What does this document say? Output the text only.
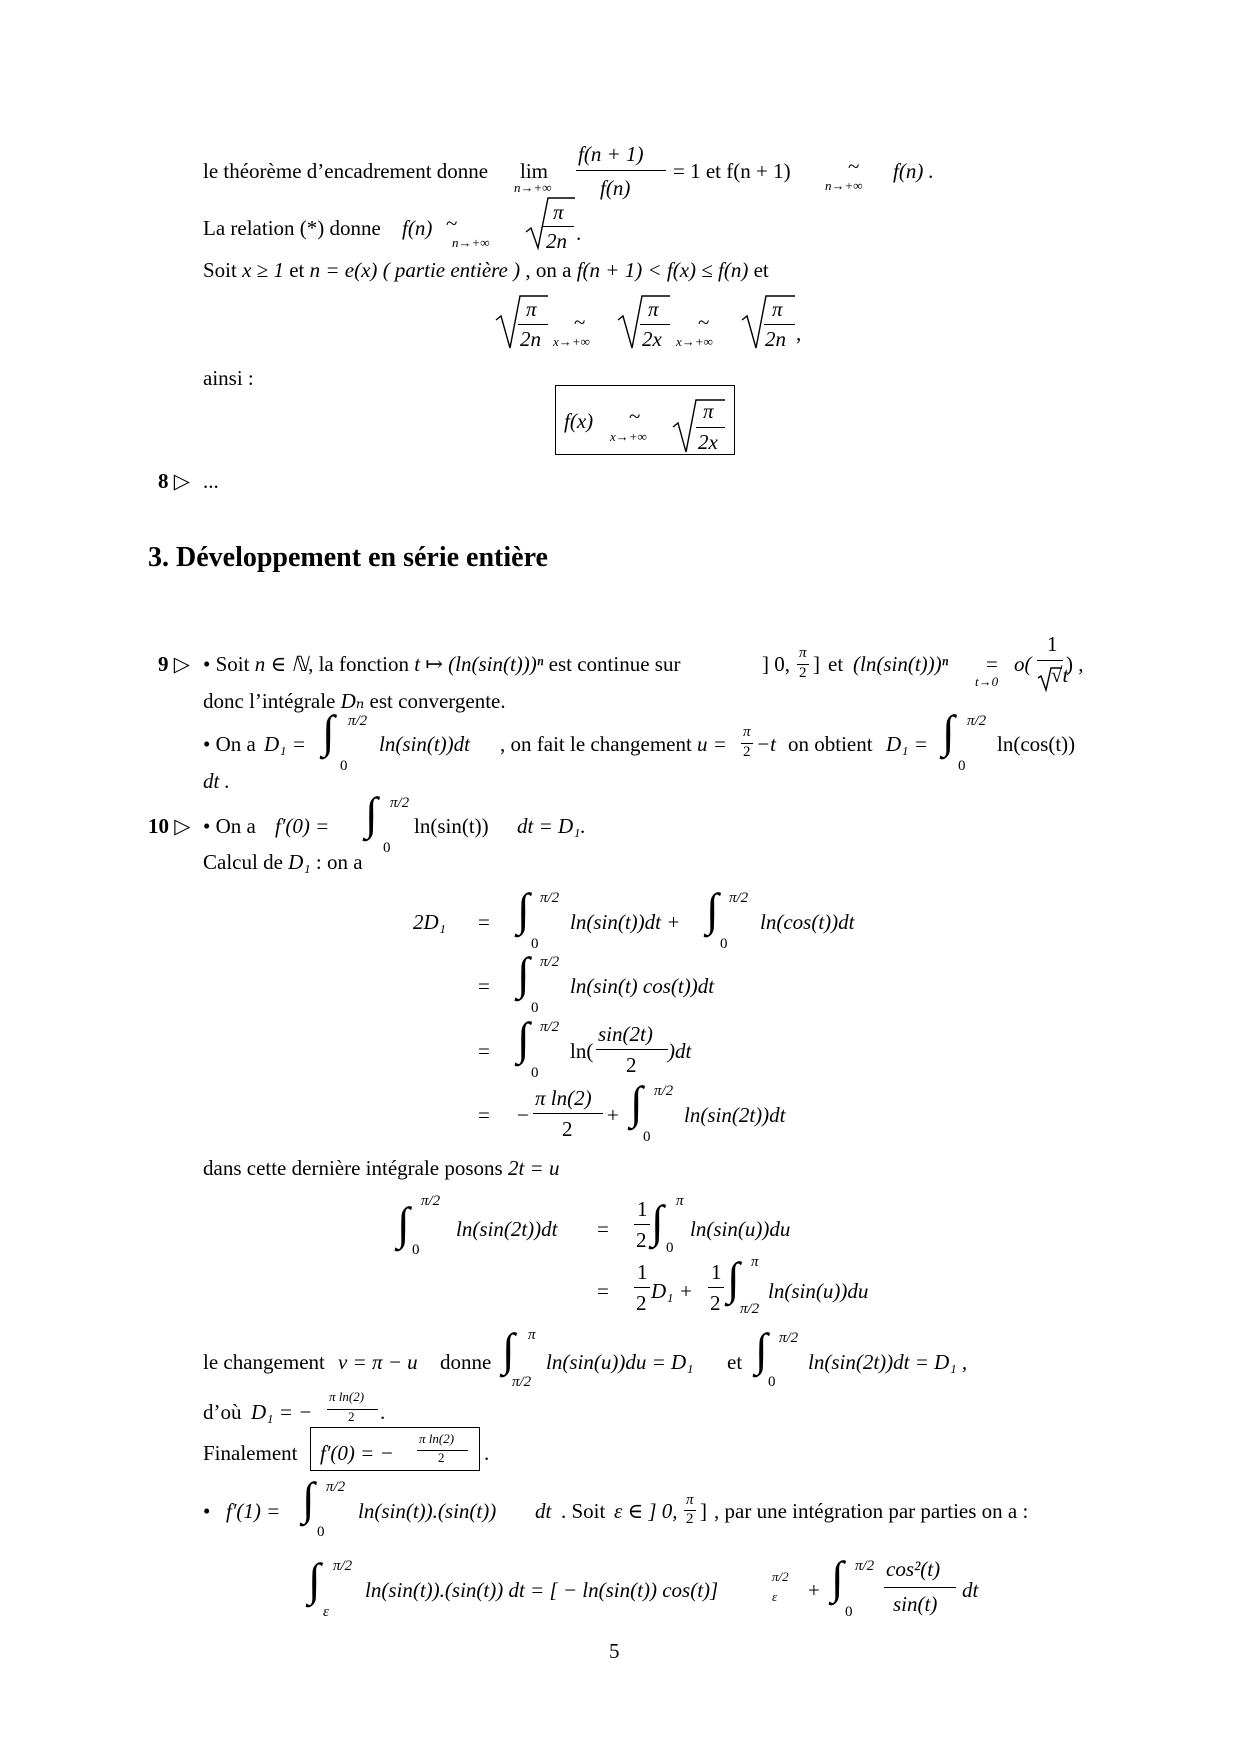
le théorème d’encadrement donne lim
n→+∞
f(n + 1)
f(n)
= 1 et f(n + 1)	~
n→+∞
f(n) .
La relation (*) donne f(n) ~
n→+∞
π
2n .
Soit x ≥ 1 et n = e(x) ( partie entière ) , on a f(n + 1) < f(x) ≤ f(n) et
π
2n
~
x→+∞
π
2x
~
x→+∞
π
2n ,
ainsi :
f(x) ~
x→+∞
π
2x
8 ▷ ...
3. Développement en série entière
9 ▷ • Soit n ∈ ℕ, la fonction t ↦ (ln(sin(t)))ⁿ est continue sur	] 0, π
2 ] et (ln(sin(t)))ⁿ =
t→0
o(
1
√t
) ,
donc l’intégrale Dₙ est convergente.
• On a D₁ = ∫ π/2
0
ln(sin(t))dt , on fait le changement u = π
2 −t on obtient D₁ = ∫ π/2
0
ln(cos(t))
dt .
10 ▷ • On a f′(0) = ∫ π/2
0
ln(sin(t)) dt = D₁.
Calcul de D₁ : on a
2D₁ = ∫ π/2
0
ln(sin(t))dt + ∫ π/2
0
ln(cos(t))dt
= ∫ π/2
0
ln(sin(t) cos(t))dt
= ∫ π/2
0
ln(
sin(2t)
2
)dt
= −
π ln(2)
2
+ ∫ π/2
0
ln(sin(2t))dt
dans cette dernière intégrale posons 2t = u
∫ π/2
0
ln(sin(2t))dt =
1
2 ∫ π
0
ln(sin(u))du
=
1
2 D₁ +
1
2 ∫ π
π/2
ln(sin(u))du
le changement v = π − u donne ∫ π
π/2
ln(sin(u))du = D₁ et ∫ π/2
0
ln(sin(2t))dt = D₁ ,
d’où D₁ = −
π ln(2)
2 .
Finalement f′(0) = −
π ln(2)
2 .
• f′(1) = ∫ π/2
0
ln(sin(t)).(sin(t)) dt . Soit ε ∈ ] 0, π
2 ] , par une intégration par parties on a :
∫ π/2
ε
ln(sin(t)).(sin(t)) dt = [ − ln(sin(t)) cos(t)]
π/2
ε + ∫ π/2
0
cos²(t)
sin(t)
dt
5
